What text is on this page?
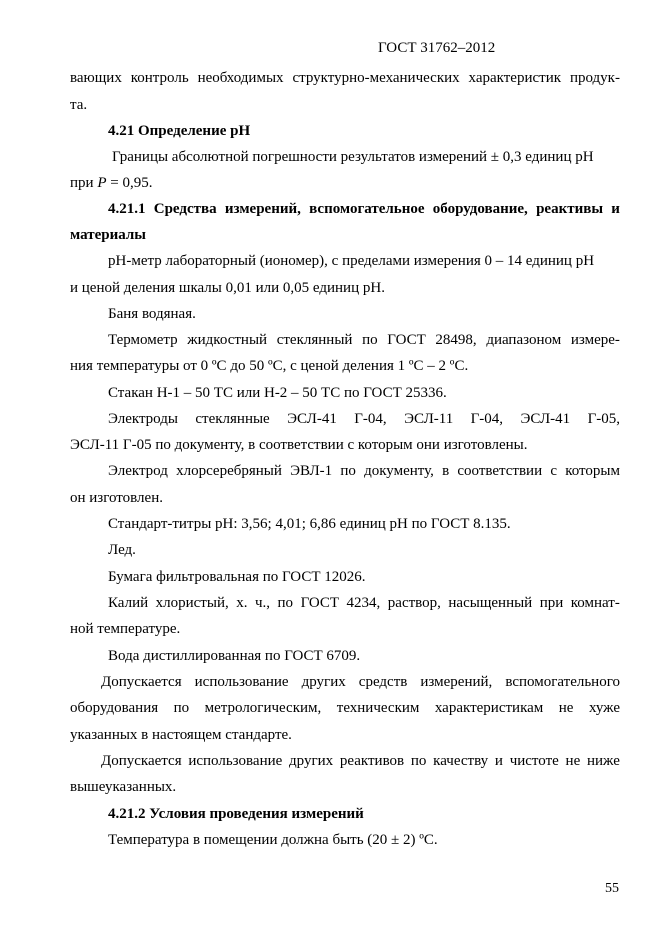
ГОСТ 31762–2012
вающих контроль необходимых структурно-механических характеристик продук-
та.
4.21 Определение pH
Границы абсолютной погрешности результатов измерений ± 0,3 единиц pH
при P = 0,95.
4.21.1 Средства измерений, вспомогательное оборудование, реактивы и
материалы
pH-метр лабораторный (иономер), с пределами измерения 0 – 14 единиц pH
и ценой деления шкалы 0,01 или 0,05 единиц pH.
Баня водяная.
Термометр жидкостный стеклянный по ГОСТ 28498, диапазоном измере-
ния температуры от 0 ºС до 50 ºС, с ценой деления 1 ºС – 2 ºС.
Стакан Н-1 – 50 ТС или Н-2 – 50 ТС по ГОСТ 25336.
Электроды стеклянные ЭСЛ-41 Г-04, ЭСЛ-11 Г-04, ЭСЛ-41 Г-05,
ЭСЛ-11 Г-05 по документу, в соответствии с которым они изготовлены.
Электрод хлорсеребряный ЭВЛ-1 по документу, в соответствии с которым
он изготовлен.
Стандарт-титры pH: 3,56; 4,01; 6,86 единиц pH по ГОСТ 8.135.
Лед.
Бумага фильтровальная по ГОСТ 12026.
Калий хлористый, х. ч., по ГОСТ 4234, раствор, насыщенный при комнат-
ной температуре.
Вода дистиллированная по ГОСТ 6709.
Допускается использование других средств измерений, вспомогательного
оборудования по метрологическим, техническим характеристикам не хуже
указанных в настоящем стандарте.
Допускается использование других реактивов по качеству и чистоте не ниже
вышеуказанных.
4.21.2 Условия проведения измерений
Температура в помещении должна быть (20 ± 2) ºС.
55
